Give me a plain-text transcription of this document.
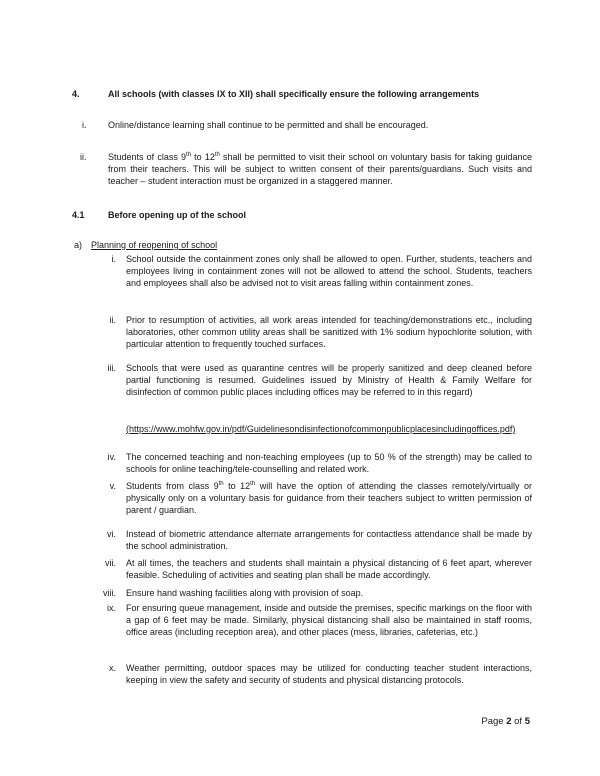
4.	All schools (with classes IX to XII) shall specifically ensure the following arrangements

i. Online/distance learning shall continue to be permitted and shall be encouraged.

ii. Students of class 9th to 12th shall be permitted to visit their school on voluntary basis for taking guidance from their teachers. This will be subject to written consent of their parents/guardians. Such visits and teacher – student interaction must be organized in a staggered manner.

4.1	Before opening up of the school

a) Planning of reopening of school

i. School outside the containment zones only shall be allowed to open. Further, students, teachers and employees living in containment zones will not be allowed to attend the school. Students, teachers and employees shall also be advised not to visit areas falling within containment zones.

ii. Prior to resumption of activities, all work areas intended for teaching/demonstrations etc., including laboratories, other common utility areas shall be sanitized with 1% sodium hypochlorite solution, with particular attention to frequently touched surfaces.

iii. Schools that were used as quarantine centres will be properly sanitized and deep cleaned before partial functioning is resumed. Guidelines issued by Ministry of Health & Family Welfare for disinfection of common public places including offices may be referred to in this regard)

(https://www.mohfw.gov.in/pdf/Guidelinesondisinfectionofcommonpublicplacesincludingoffices.pdf)

iv. The concerned teaching and non-teaching employees (up to 50 % of the strength) may be called to schools for online teaching/tele-counselling and related work.

v. Students from class 9th to 12th will have the option of attending the classes remotely/virtually or physically only on a voluntary basis for guidance from their teachers subject to written permission of parent / guardian.

vi. Instead of biometric attendance alternate arrangements for contactless attendance shall be made by the school administration.

vii. At all times, the teachers and students shall maintain a physical distancing of 6 feet apart, wherever feasible. Scheduling of activities and seating plan shall be made accordingly.

viii. Ensure hand washing facilities along with provision of soap.

ix. For ensuring queue management, inside and outside the premises, specific markings on the floor with a gap of 6 feet may be made. Similarly, physical distancing shall also be maintained in staff rooms, office areas (including reception area), and other places (mess, libraries, cafeterias, etc.)

x. Weather permitting, outdoor spaces may be utilized for conducting teacher student interactions, keeping in view the safety and security of students and physical distancing protocols.

Page 2 of 5
